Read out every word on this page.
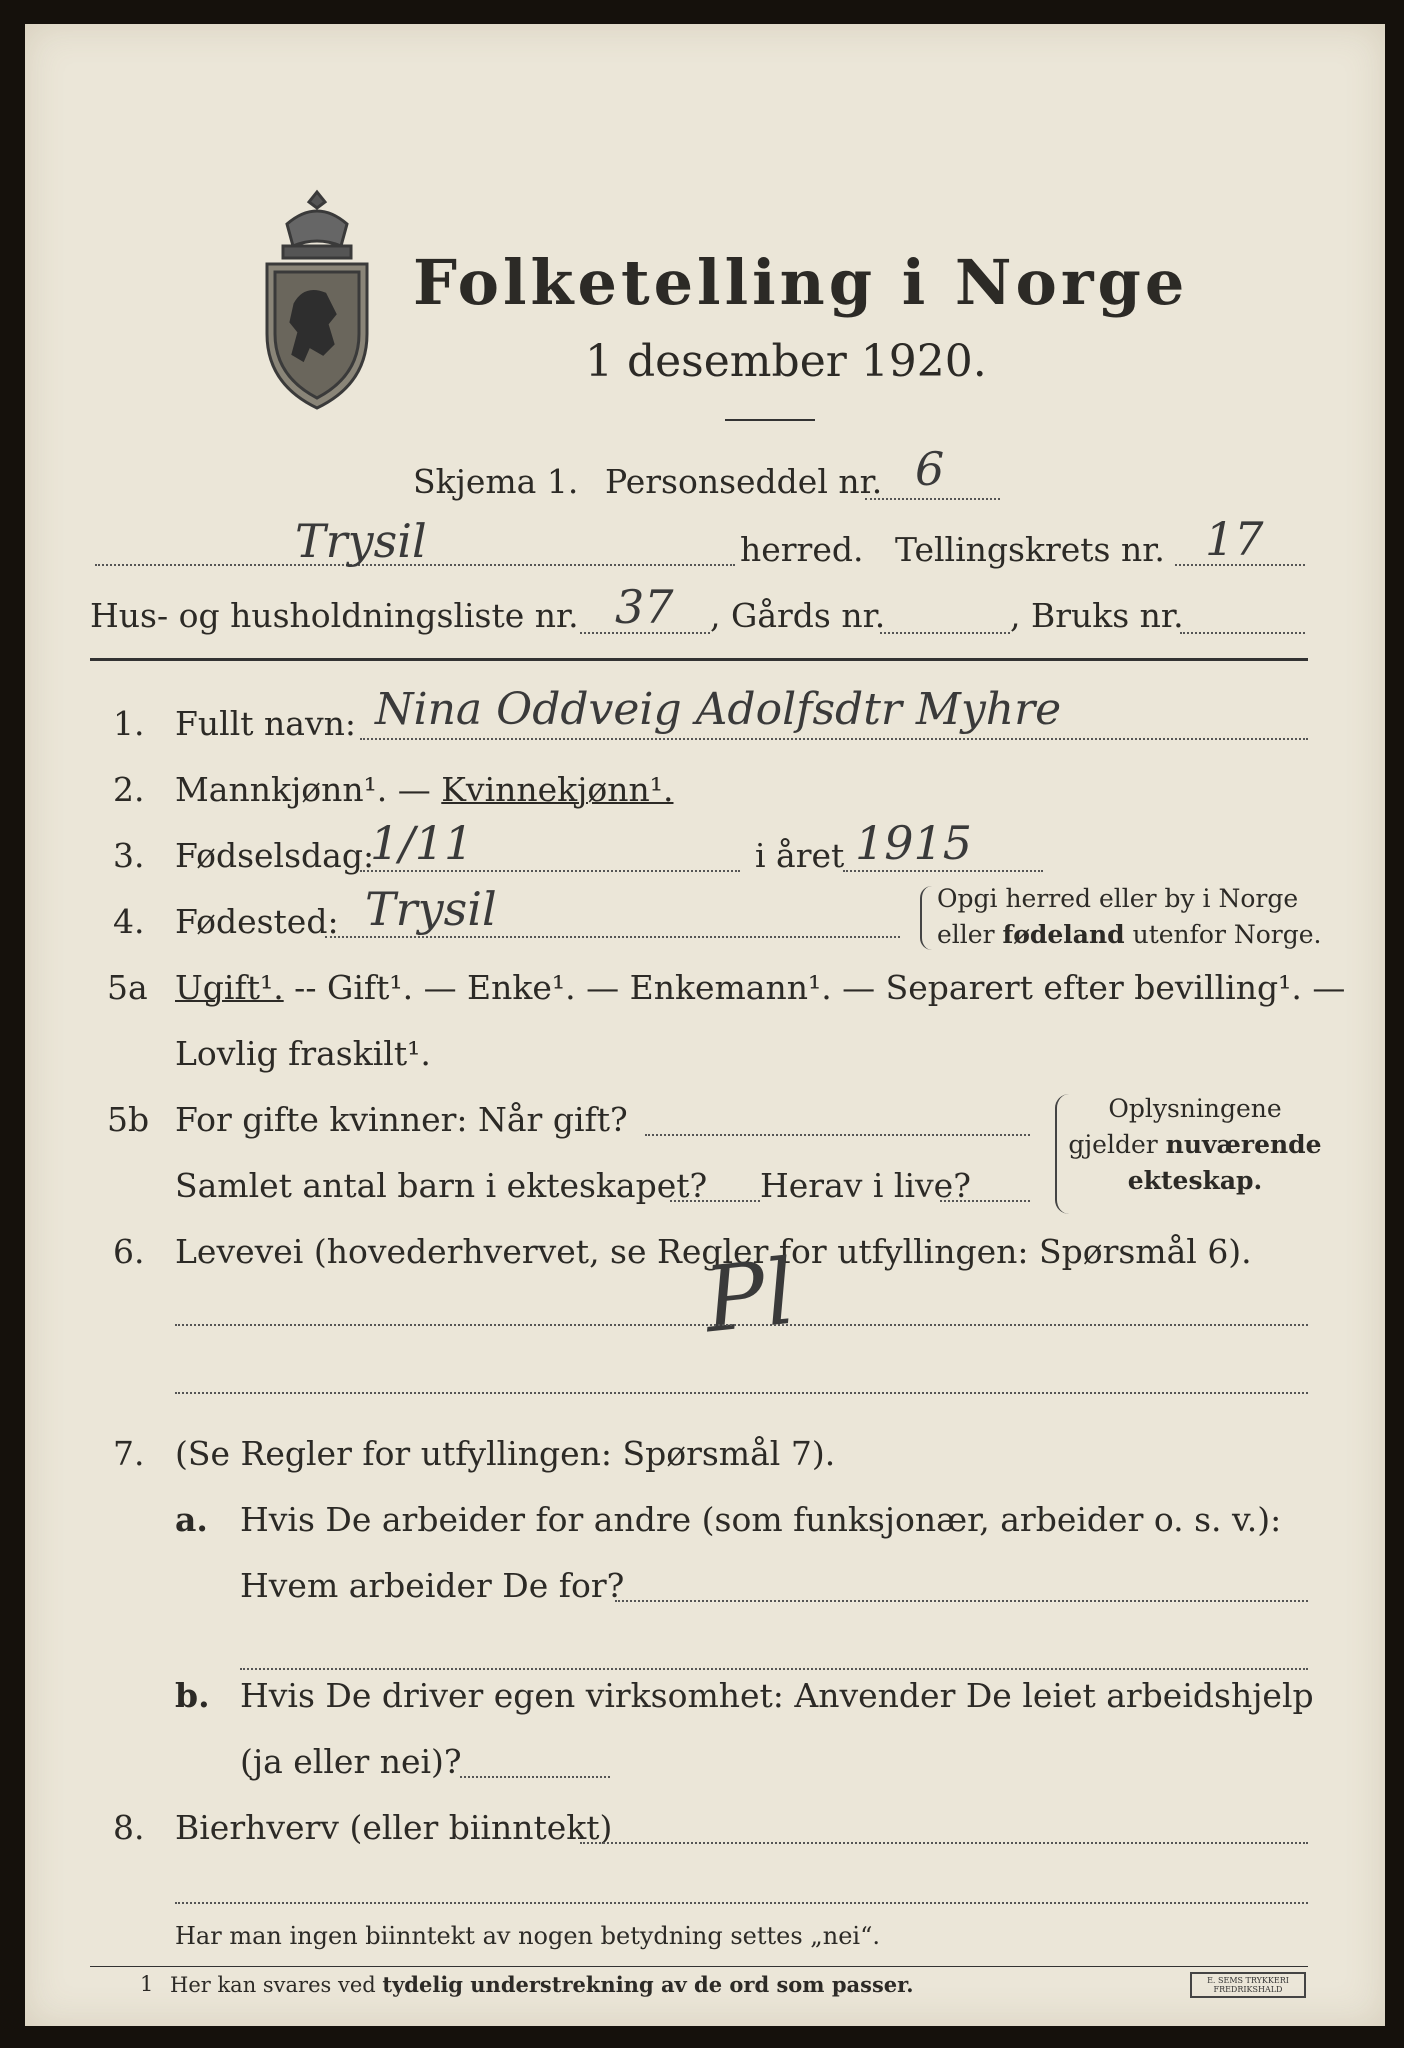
Folketelling i Norge
1 desember 1920.
Skjema 1. Personseddel nr. 6
Trysil	herred. Tellingskrets nr. 17
Hus- og husholdningsliste nr. 37 , Gårds nr.	, Bruks nr.
1. Fullt navn: Nina Oddveig Adolfsdtr Myhre
2. Mannkjønn¹. — Kvinnekjønn¹.
3. Fødselsdag:
1/11	i året 1915
4. Fødested: Trysil	Opgi herred eller by i Norge
eller fødeland utenfor Norge.
5a Ugift¹. -- Gift¹. — Enke¹. — Enkemann¹. — Separert efter bevilling¹. —
Lovlig fraskilt¹.
5b For gifte kvinner: Når gift?
Samlet antal barn i ekteskapet? Herav i live?
Oplysningene
gjelder nuværende
ekteskap.
6. Levevei (hovederhvervet, se Regler for utfyllingen: Spørsmål 6).
Pl
7. (Se Regler for utfyllingen: Spørsmål 7).
a. Hvis De arbeider for andre (som funksjonær, arbeider o. s. v.):
Hvem arbeider De for?
b. Hvis De driver egen virksomhet: Anvender De leiet arbeidshjelp
(ja eller nei)?
8. Bierhverv (eller biinntekt)
Har man ingen biinntekt av nogen betydning settes „nei“.
1 Her kan svares ved tydelig understrekning av de ord som passer.	E. SEMS TRYKKERI
FREDRIKSHALD
